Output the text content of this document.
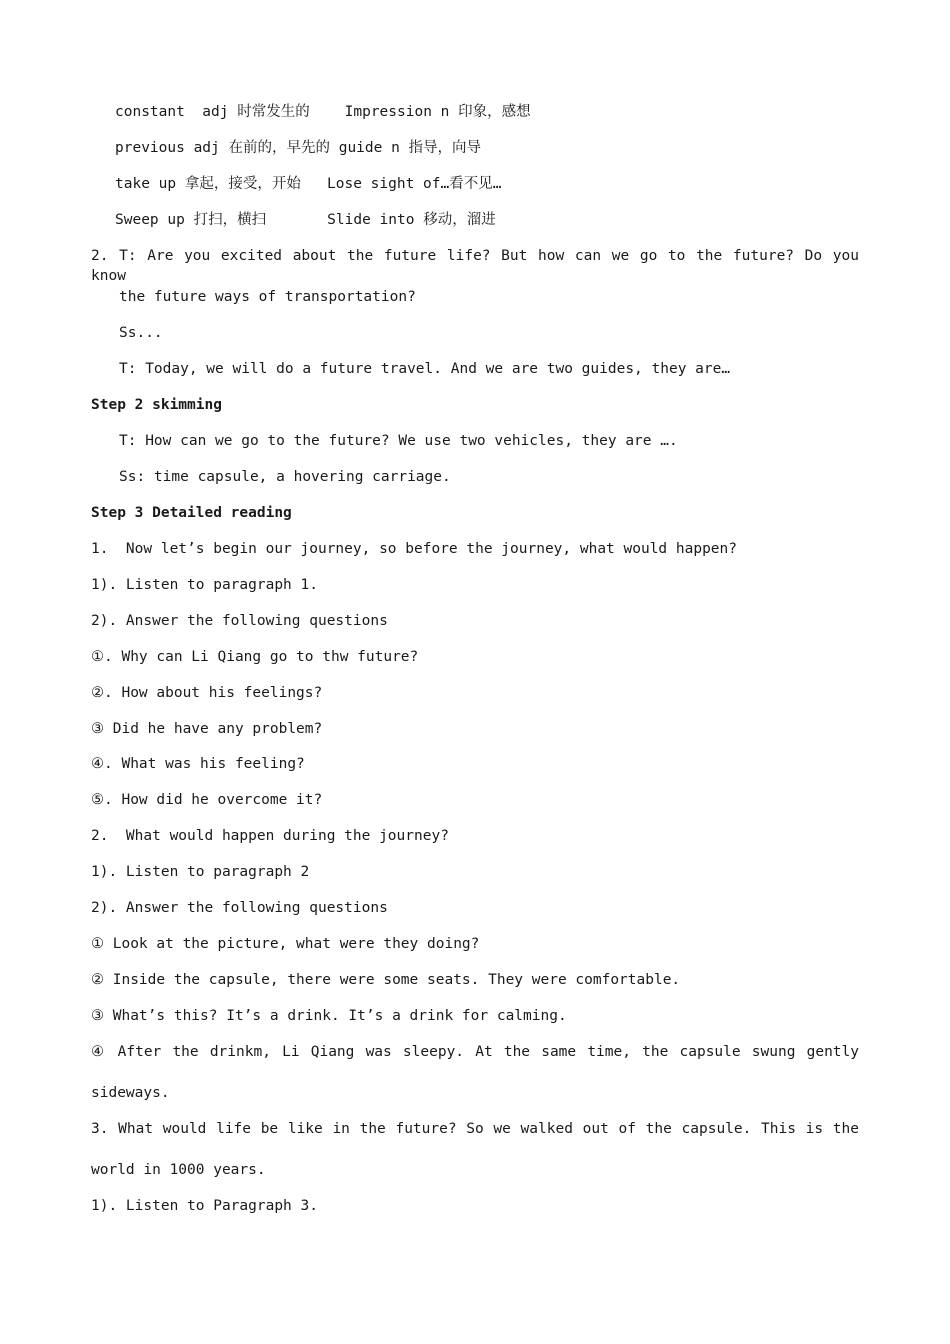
constant  adj 时常发生的    Impression n 印象，感想
previous adj 在前的，早先的 guide n 指导，向导
take up 拿起，接受，开始   Lose sight of…看不见…
Sweep up 打扫，横扫       Slide into 移动，溜进
2. T: Are you excited about the future life? But how can we go to the future? Do you know
the future ways of transportation?
Ss...
T: Today, we will do a future travel. And we are two guides, they are…
Step 2 skimming
T: How can we go to the future? We use two vehicles, they are ….
Ss: time capsule, a hovering carriage.
Step 3 Detailed reading
1.  Now let’s begin our journey, so before the journey, what would happen?
1). Listen to paragraph 1.
2). Answer the following questions
①. Why can Li Qiang go to thw future?
②. How about his feelings?
③ Did he have any problem?
④. What was his feeling?
⑤. How did he overcome it?
2.  What would happen during the journey?
1). Listen to paragraph 2
2). Answer the following questions
① Look at the picture, what were they doing?
② Inside the capsule, there were some seats. They were comfortable.
③ What’s this? It’s a drink. It’s a drink for calming.
④ After the drinkm, Li Qiang was sleepy. At the same time, the capsule swung gently
sideways.
3. What would life be like in the future? So we walked out of the capsule. This is the
world in 1000 years.
1). Listen to Paragraph 3.
